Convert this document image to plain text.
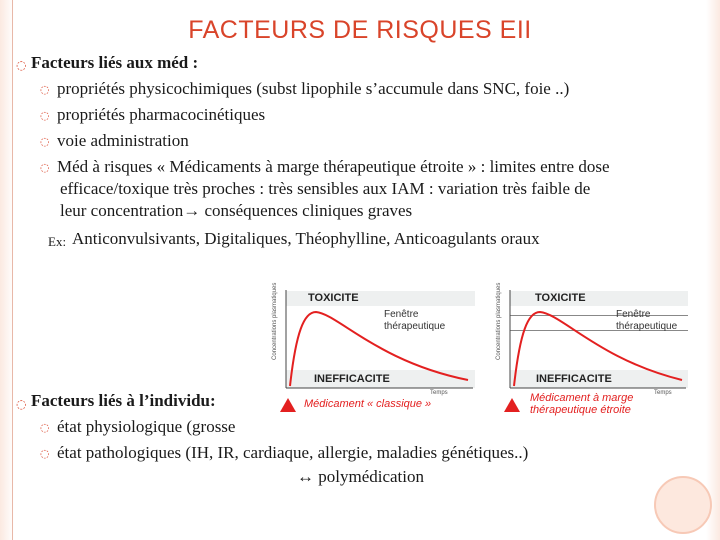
FACTEURS DE RISQUES EII
◌ Facteurs liés aux méd :
◌ propriétés physicochimiques (subst lipophile s’accumule dans SNC, foie ..)
◌ propriétés pharmacocinétiques
◌ voie administration
◌ Méd à risques « Médicaments à marge thérapeutique étroite » : limites entre dose
efficace/toxique très proches : très sensibles aux IAM : variation très faible de
leur concentration→ conséquences cliniques graves
Ex: Anticonvulsivants, Digitaliques, Théophylline, Anticoagulants oraux
TOXICITE
INEFFICACITE
Fenêtre
thérapeutique
Concentrations plasmatiques
Temps
Médicament « classique »
TOXICITE
Fenêtre
thérapeutique
INEFFICACITE
Concentrations plasmatiques
Temps
Médicament à marge
thérapeutique étroite
◌ Facteurs liés à l’individu:
◌ état physiologique (grosse
◌ état pathologiques (IH, IR, cardiaque, allergie, maladies génétiques..)
↔ polymédication
